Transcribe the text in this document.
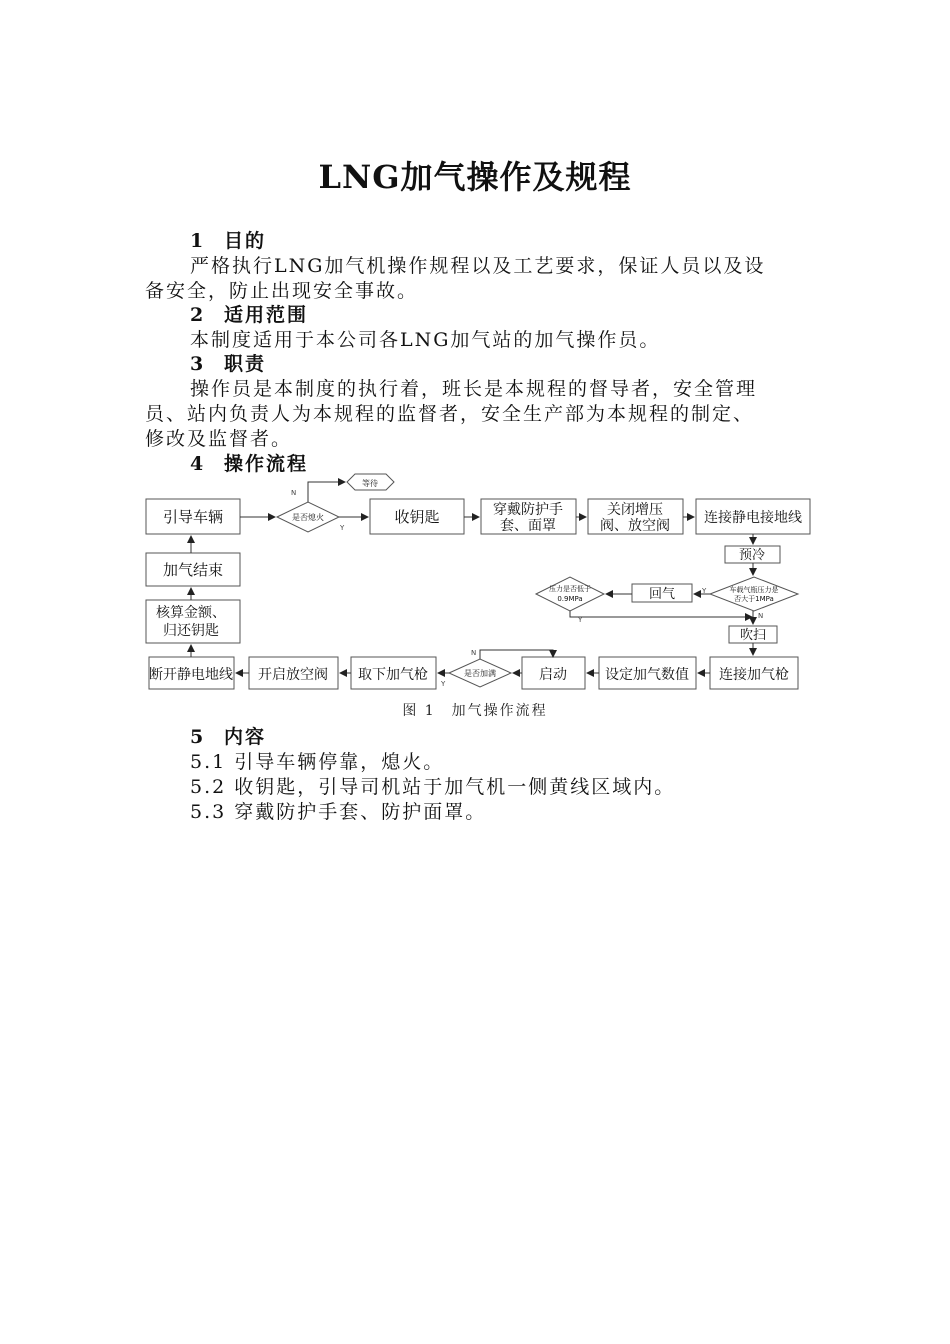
LNG加气操作及规程
1 目的
严格执行LNG加气机操作规程以及工艺要求，保证人员以及设
备安全，防止出现安全事故。
2 适用范围
本制度适用于本公司各LNG加气站的加气操作员。
3 职责
操作员是本制度的执行着，班长是本规程的督导者，安全管理
员、站内负责人为本规程的监督者，安全生产部为本规程的制定、
修改及监督者。
4 操作流程
引导车辆	是否熄火
等待
收钥匙	穿戴防护手
套、面罩
关闭增压
阀、放空阀 连接静电接地线
预冷
车载气瓶压力是
否大于1MPa
回气
压力是否低于
0.9MPa
吹扫
连接加气枪
设定加气数值
启动
是否加满
取下加气枪
开启放空阀
断开静电地线
核算金额、
归还钥匙
加气结束
N
Y
Y
N
Y
N
Y
图 1　加气操作流程
5 内容
5.1 引导车辆停靠，熄火。
5.2 收钥匙，引导司机站于加气机一侧黄线区域内。
5.3 穿戴防护手套、防护面罩。
